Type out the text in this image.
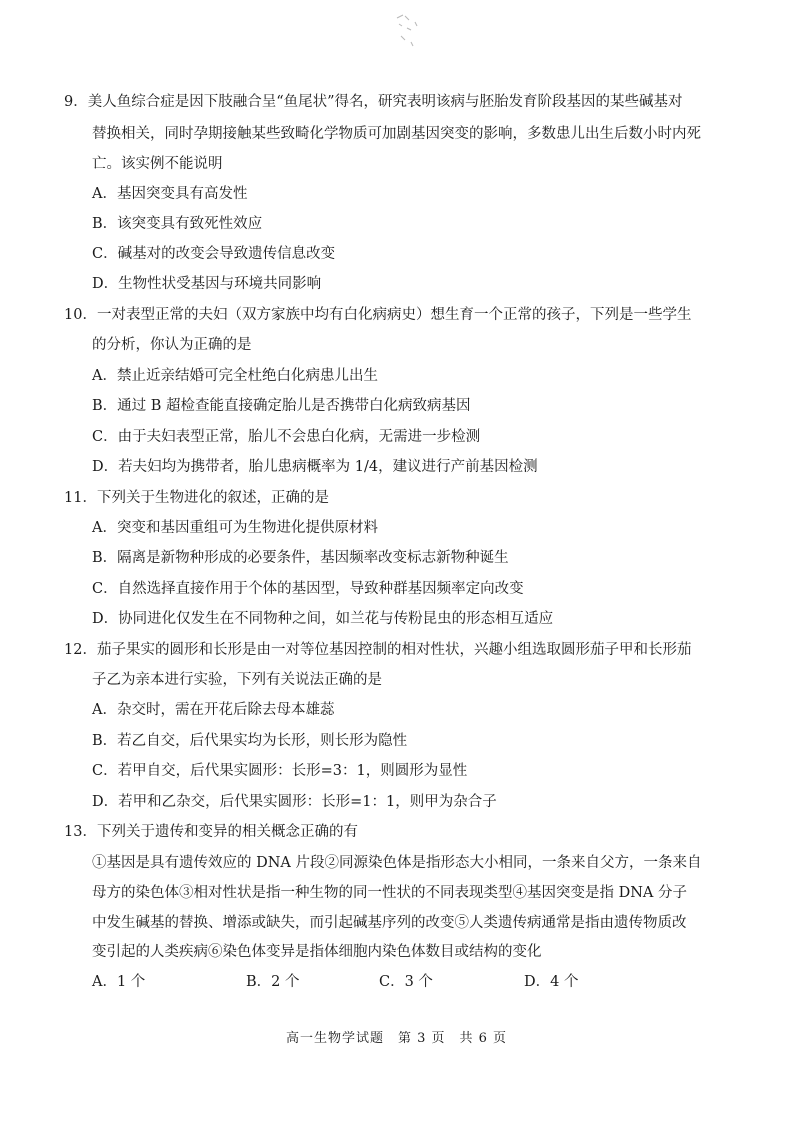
9．美人鱼综合症是因下肢融合呈“鱼尾状”得名，研究表明该病与胚胎发育阶段基因的某些碱基对
替换相关，同时孕期接触某些致畸化学物质可加剧基因突变的影响，多数患儿出生后数小时内死
亡。该实例不能说明
A．基因突变具有高发性
B．该突变具有致死性效应
C．碱基对的改变会导致遗传信息改变
D．生物性状受基因与环境共同影响
10．一对表型正常的夫妇（双方家族中均有白化病病史）想生育一个正常的孩子，下列是一些学生
的分析，你认为正确的是
A．禁止近亲结婚可完全杜绝白化病患儿出生
B．通过 B 超检查能直接确定胎儿是否携带白化病致病基因
C．由于夫妇表型正常，胎儿不会患白化病，无需进一步检测
D．若夫妇均为携带者，胎儿患病概率为 1/4，建议进行产前基因检测
11．下列关于生物进化的叙述，正确的是
A．突变和基因重组可为生物进化提供原材料
B．隔离是新物种形成的必要条件，基因频率改变标志新物种诞生
C．自然选择直接作用于个体的基因型，导致种群基因频率定向改变
D．协同进化仅发生在不同物种之间，如兰花与传粉昆虫的形态相互适应
12．茄子果实的圆形和长形是由一对等位基因控制的相对性状，兴趣小组选取圆形茄子甲和长形茄
子乙为亲本进行实验，下列有关说法正确的是
A．杂交时，需在开花后除去母本雄蕊
B．若乙自交，后代果实均为长形，则长形为隐性
C．若甲自交，后代果实圆形：长形=3：1，则圆形为显性
D．若甲和乙杂交，后代果实圆形：长形=1：1，则甲为杂合子
13．下列关于遗传和变异的相关概念正确的有
①基因是具有遗传效应的 DNA 片段②同源染色体是指形态大小相同，一条来自父方，一条来自
母方的染色体③相对性状是指一种生物的同一性状的不同表现类型④基因突变是指 DNA 分子
中发生碱基的替换、增添或缺失，而引起碱基序列的改变⑤人类遗传病通常是指由遗传物质改
变引起的人类疾病⑥染色体变异是指体细胞内染色体数目或结构的变化
A．1 个	B．2 个	C．3 个	D．4 个
高一生物学试题　第 3 页　共 6 页
